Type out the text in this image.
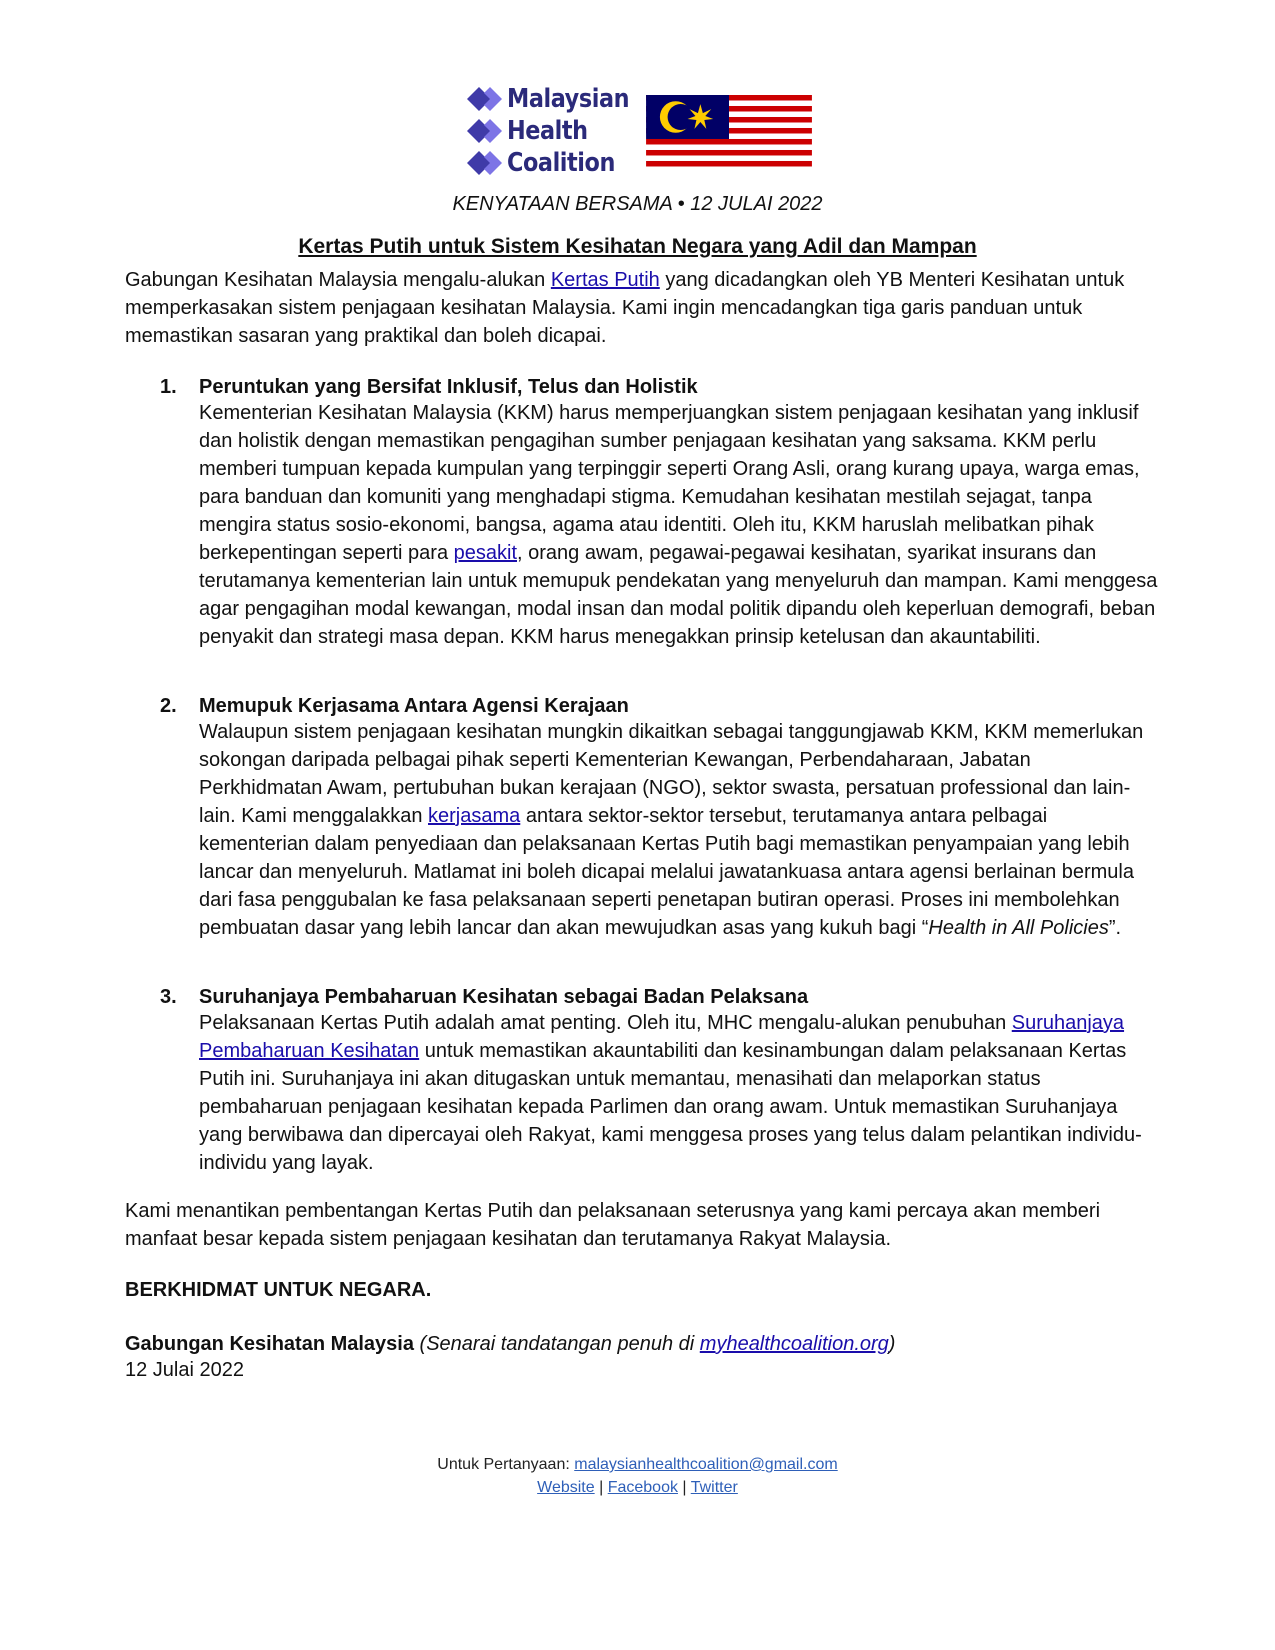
Malaysian
Health
Coalition
KENYATAAN BERSAMA • 12 JULAI 2022
Kertas Putih untuk Sistem Kesihatan Negara yang Adil dan Mampan
Gabungan Kesihatan Malaysia mengalu-alukan Kertas Putih yang dicadangkan oleh YB Menteri Kesihatan untuk memperkasakan sistem penjagaan kesihatan Malaysia. Kami ingin mencadangkan tiga garis panduan untuk memastikan sasaran yang praktikal dan boleh dicapai.
1. Peruntukan yang Bersifat Inklusif, Telus dan Holistik
Kementerian Kesihatan Malaysia (KKM) harus memperjuangkan sistem penjagaan kesihatan yang inklusif dan holistik dengan memastikan pengagihan sumber penjagaan kesihatan yang saksama. KKM perlu memberi tumpuan kepada kumpulan yang terpinggir seperti Orang Asli, orang kurang upaya, warga emas, para banduan dan komuniti yang menghadapi stigma. Kemudahan kesihatan mestilah sejagat, tanpa mengira status sosio-ekonomi, bangsa, agama atau identiti. Oleh itu, KKM haruslah melibatkan pihak berkepentingan seperti para pesakit, orang awam, pegawai-pegawai kesihatan, syarikat insurans dan terutamanya kementerian lain untuk memupuk pendekatan yang menyeluruh dan mampan. Kami menggesa agar pengagihan modal kewangan, modal insan dan modal politik dipandu oleh keperluan demografi, beban penyakit dan strategi masa depan. KKM harus menegakkan prinsip ketelusan dan akauntabiliti.
2. Memupuk Kerjasama Antara Agensi Kerajaan
Walaupun sistem penjagaan kesihatan mungkin dikaitkan sebagai tanggungjawab KKM, KKM memerlukan sokongan daripada pelbagai pihak seperti Kementerian Kewangan, Perbendaharaan, Jabatan Perkhidmatan Awam, pertubuhan bukan kerajaan (NGO), sektor swasta, persatuan professional dan lain-lain. Kami menggalakkan kerjasama antara sektor-sektor tersebut, terutamanya antara pelbagai kementerian dalam penyediaan dan pelaksanaan Kertas Putih bagi memastikan penyampaian yang lebih lancar dan menyeluruh. Matlamat ini boleh dicapai melalui jawatankuasa antara agensi berlainan bermula dari fasa penggubalan ke fasa pelaksanaan seperti penetapan butiran operasi. Proses ini membolehkan pembuatan dasar yang lebih lancar dan akan mewujudkan asas yang kukuh bagi “Health in All Policies”.
3. Suruhanjaya Pembaharuan Kesihatan sebagai Badan Pelaksana
Pelaksanaan Kertas Putih adalah amat penting. Oleh itu, MHC mengalu-alukan penubuhan Suruhanjaya Pembaharuan Kesihatan untuk memastikan akauntabiliti dan kesinambungan dalam pelaksanaan Kertas Putih ini. Suruhanjaya ini akan ditugaskan untuk memantau, menasihati dan melaporkan status pembaharuan penjagaan kesihatan kepada Parlimen dan orang awam. Untuk memastikan Suruhanjaya yang berwibawa dan dipercayai oleh Rakyat, kami menggesa proses yang telus dalam pelantikan individu-individu yang layak.
Kami menantikan pembentangan Kertas Putih dan pelaksanaan seterusnya yang kami percaya akan memberi manfaat besar kepada sistem penjagaan kesihatan dan terutamanya Rakyat Malaysia.
BERKHIDMAT UNTUK NEGARA.
Gabungan Kesihatan Malaysia (Senarai tandatangan penuh di myhealthcoalition.org)
12 Julai 2022
Untuk Pertanyaan: malaysianhealthcoalition@gmail.com
Website | Facebook | Twitter
